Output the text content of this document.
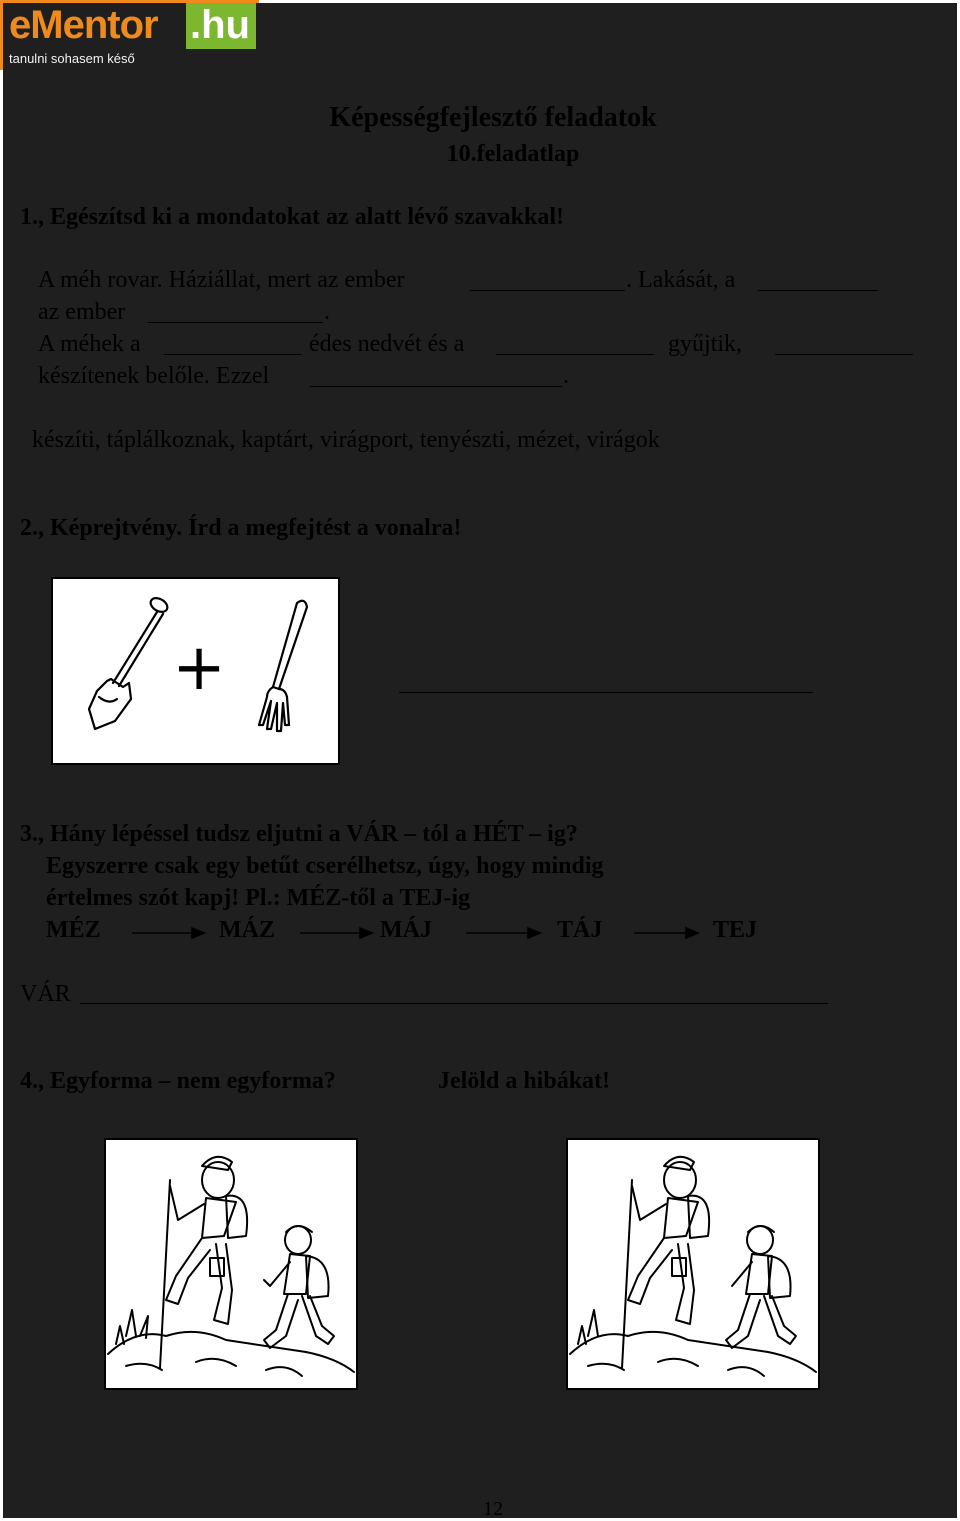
eMentor .hu
tanulni sohasem késő
Képességfejlesztő feladatok
10.feladatlap
1., Egészítsd ki a mondatokat az alatt lévő szavakkal!
A méh rovar. Háziállat, mert az ember	. Lakását, a
az ember	.
A méhek a	édes nedvét és a	gyűjtik,
készítenek belőle. Ezzel	.
készíti, táplálkoznak, kaptárt, virágport, tenyészti, mézet, virágok
2., Képrejtvény. Írd a megfejtést a vonalra!
+
3., Hány lépéssel tudsz eljutni a VÁR – tól a HÉT – ig?
Egyszerre csak egy betűt cserélhetsz, úgy, hogy mindig
értelmes szót kapj! Pl.: MÉZ-től a TEJ-ig
MÉZ	MÁZ	MÁJ	TÁJ	TEJ
VÁR
4., Egyforma – nem egyforma?	Jelöld a hibákat!
12
